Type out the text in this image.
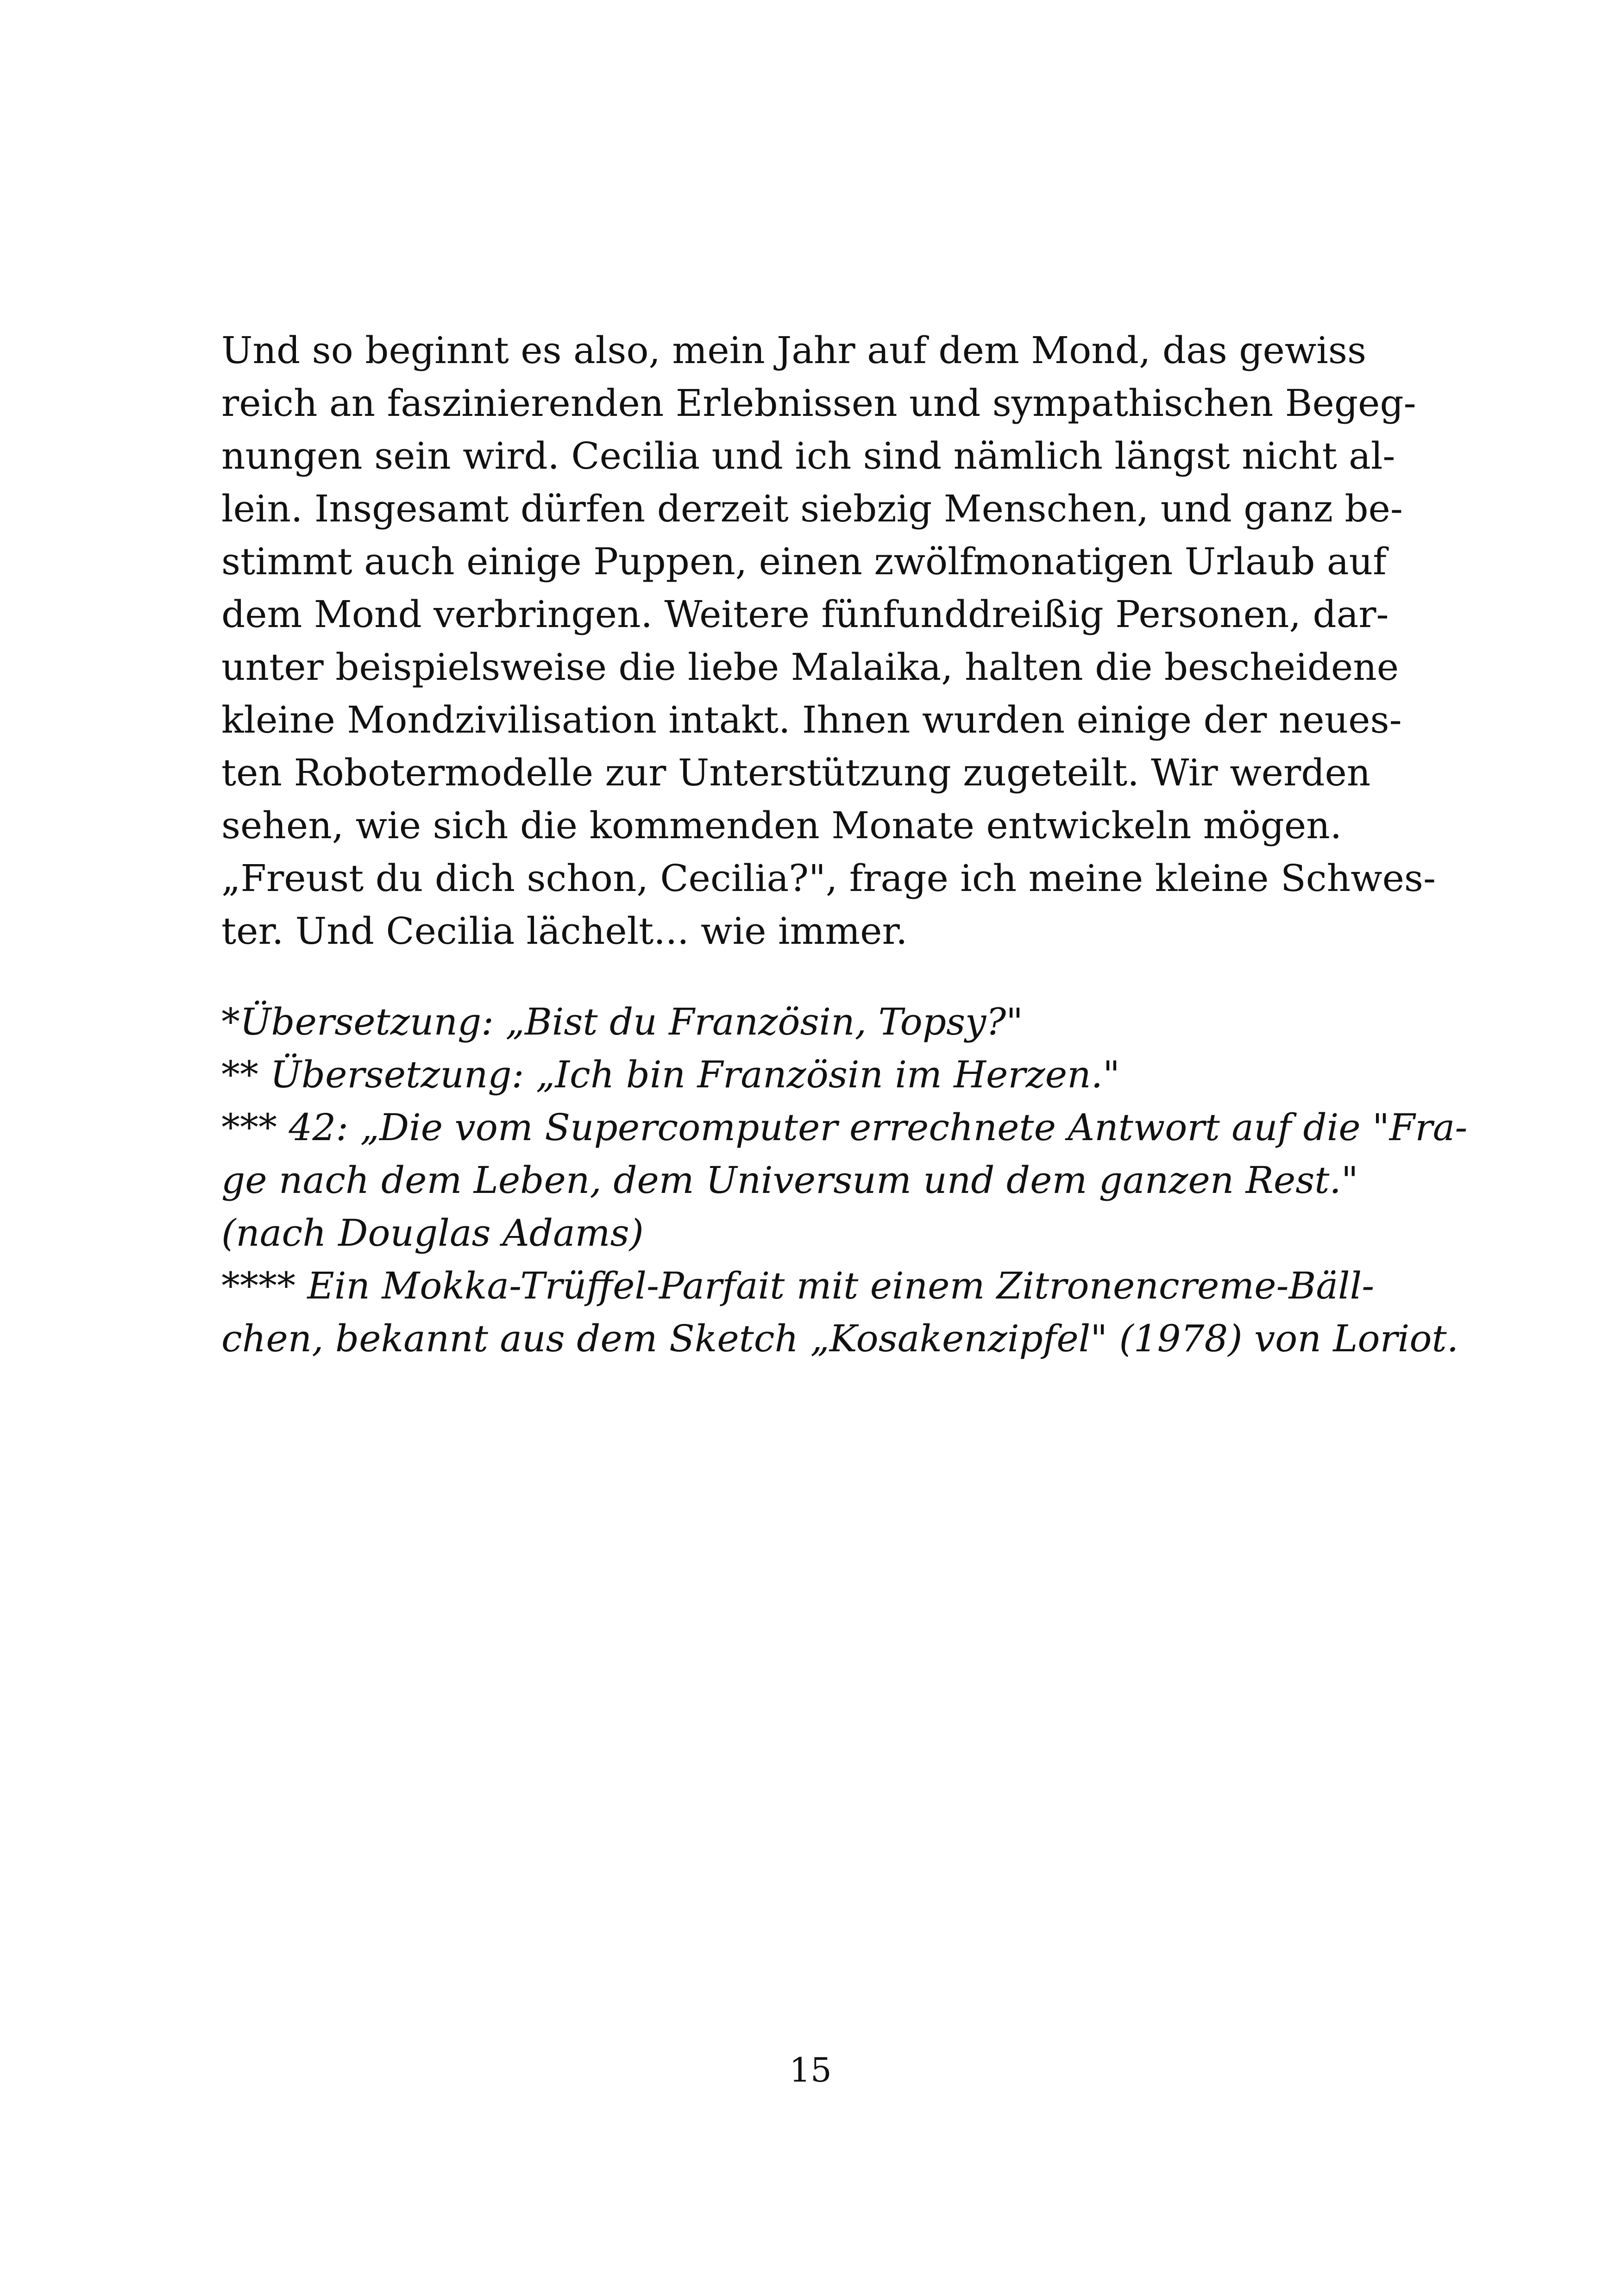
Und so beginnt es also, mein Jahr auf dem Mond, das gewiss
reich an faszinierenden Erlebnissen und sympathischen Begeg-
nungen sein wird. Cecilia und ich sind nämlich längst nicht al-
lein. Insgesamt dürfen derzeit siebzig Menschen, und ganz be-
stimmt auch einige Puppen, einen zwölfmonatigen Urlaub auf
dem Mond verbringen. Weitere fünfunddreißig Personen, dar-
unter beispielsweise die liebe Malaika, halten die bescheidene
kleine Mondzivilisation intakt. Ihnen wurden einige der neues-
ten Robotermodelle zur Unterstützung zugeteilt. Wir werden
sehen, wie sich die kommenden Monate entwickeln mögen.
„Freust du dich schon, Cecilia?", frage ich meine kleine Schwes-
ter. Und Cecilia lächelt... wie immer.
*Übersetzung: „Bist du Französin, Topsy?"
** Übersetzung: „Ich bin Französin im Herzen."
*** 42: „Die vom Supercomputer errechnete Antwort auf die "Fra-
ge nach dem Leben, dem Universum und dem ganzen Rest."
(nach Douglas Adams)
**** Ein Mokka-Trüffel-Parfait mit einem Zitronencreme-Bäll-
chen, bekannt aus dem Sketch „Kosakenzipfel" (1978) von Loriot.
15
